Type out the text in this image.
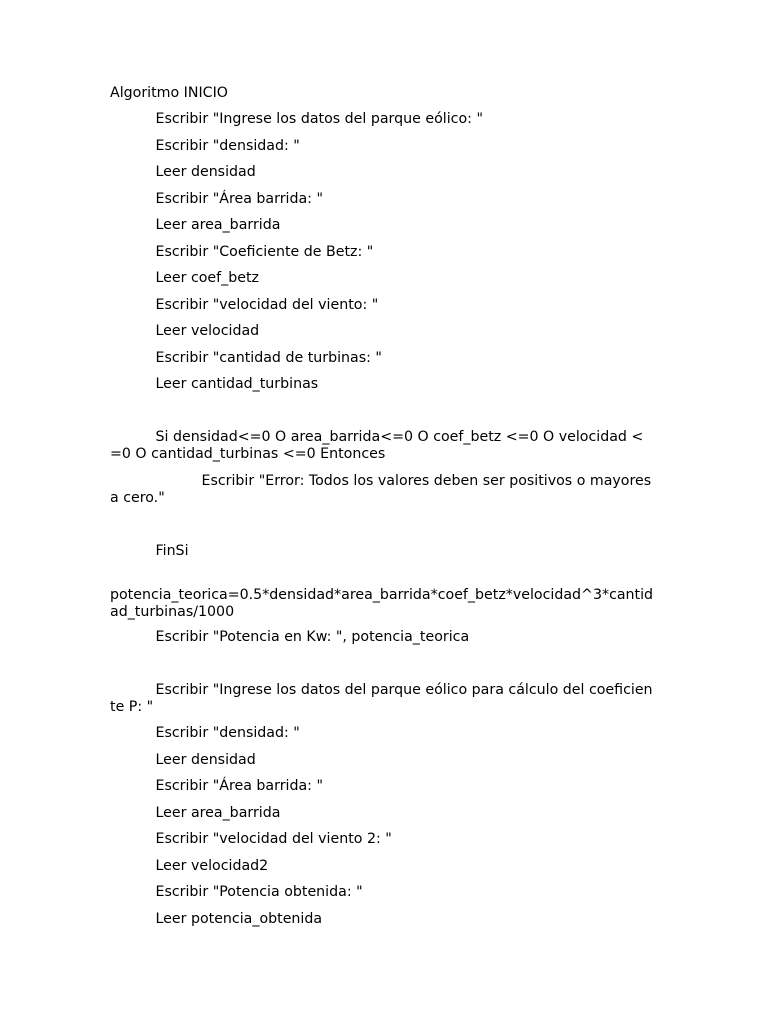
Algoritmo INICIO

Escribir "Ingrese los datos del parque eólico: "

Escribir "densidad: "

Leer densidad

Escribir "Área barrida: "

Leer area_barrida

Escribir "Coeficiente de Betz: "

Leer coef_betz

Escribir "velocidad del viento: "

Leer velocidad

Escribir "cantidad de turbinas: "

Leer cantidad_turbinas

Si densidad<=0 O area_barrida<=0 O coef_betz <=0 O velocidad <=0 O cantidad_turbinas <=0 Entonces

Escribir "Error: Todos los valores deben ser positivos o mayores a cero."

FinSi

potencia_teorica=0.5*densidad*area_barrida*coef_betz*velocidad^3*cantidad_turbinas/1000

Escribir "Potencia en Kw: ", potencia_teorica

Escribir "Ingrese los datos del parque eólico para cálculo del coeficiente P: "

Escribir "densidad: "

Leer densidad

Escribir "Área barrida: "

Leer area_barrida

Escribir "velocidad del viento 2: "

Leer velocidad2

Escribir "Potencia obtenida: "

Leer potencia_obtenida
